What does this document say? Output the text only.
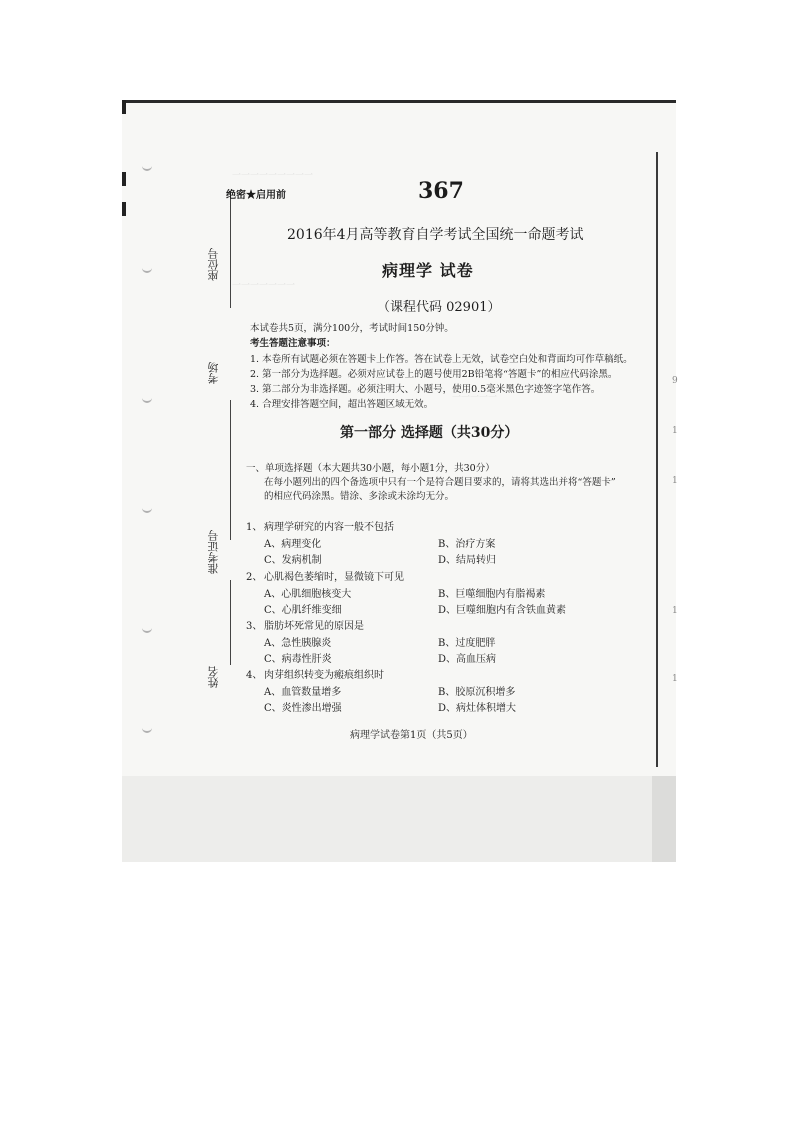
一一一一一一一一一
一一一一一一一
一一一一一
座位号
考场
准考证号
姓名
9
1
1
1
1
绝密★启用前	367
2016年4月高等教育自学考试全国统一命题考试
病理学 试卷
（课程代码 02901）
本试卷共5页，满分100分，考试时间150分钟。
考生答题注意事项：
1. 本卷所有试题必须在答题卡上作答。答在试卷上无效，试卷空白处和背面均可作草稿纸。
2. 第一部分为选择题。必须对应试卷上的题号使用2B铅笔将“答题卡”的相应代码涂黑。
3. 第二部分为非选择题。必须注明大、小题号，使用0.5毫米黑色字迹签字笔作答。
4. 合理安排答题空间，超出答题区域无效。
第一部分 选择题（共30分）
一、单项选择题（本大题共30小题，每小题1分，共30分）
在每小题列出的四个备选项中只有一个是符合题目要求的，请将其选出并将“答题卡”
的相应代码涂黑。错涂、多涂或未涂均无分。
1、 病理学研究的内容一般不包括
A、病理变化	B、治疗方案
C、发病机制	D、结局转归
2、 心肌褐色萎缩时，显微镜下可见
A、心肌细胞核变大	B、巨噬细胞内有脂褐素
C、心肌纤维变细	D、巨噬细胞内有含铁血黄素
3、 脂肪坏死常见的原因是
A、急性胰腺炎	B、过度肥胖
C、病毒性肝炎	D、高血压病
4、 肉芽组织转变为瘢痕组织时
A、血管数量增多	B、胶原沉积增多
C、炎性渗出增强	D、病灶体积增大
病理学试卷第1页（共5页）
